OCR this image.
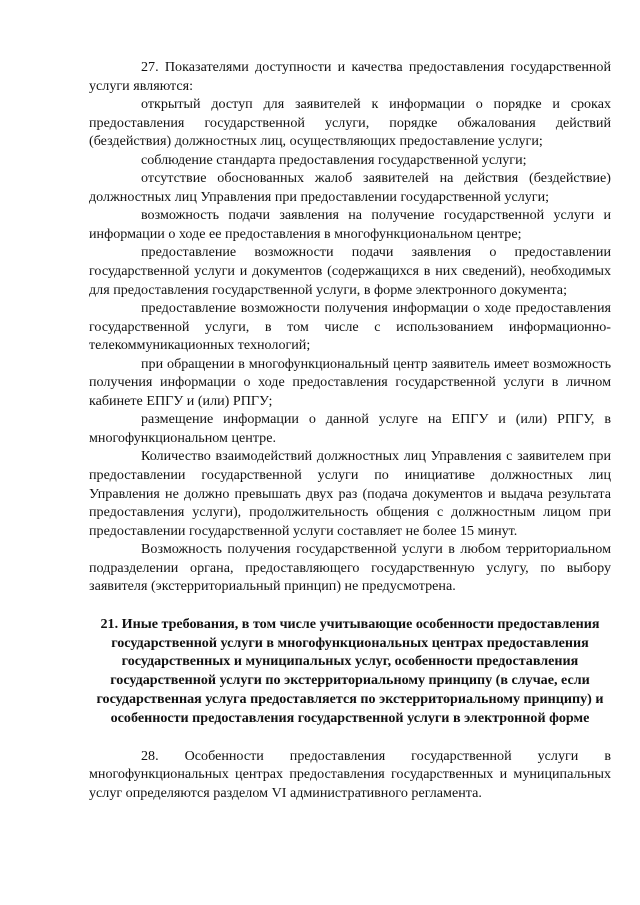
27. Показателями доступности и качества предоставления государственной услуги являются:

открытый доступ для заявителей к информации о порядке и сроках предоставления государственной услуги, порядке обжалования действий (бездействия) должностных лиц, осуществляющих предоставление услуги;

соблюдение стандарта предоставления государственной услуги;

отсутствие обоснованных жалоб заявителей на действия (бездействие) должностных лиц Управления при предоставлении государственной услуги;

возможность подачи заявления на получение государственной услуги и информации о ходе ее предоставления в многофункциональном центре;

предоставление возможности подачи заявления о предоставлении государственной услуги и документов (содержащихся в них сведений), необходимых для предоставления государственной услуги, в форме электронного документа;

предоставление возможности получения информации о ходе предоставления государственной услуги, в том числе с использованием информационно-телекоммуникационных технологий;

при обращении в многофункциональный центр заявитель имеет возможность получения информации о ходе предоставления государственной услуги в личном кабинете ЕПГУ и (или) РПГУ;

размещение информации о данной услуге на ЕПГУ и (или) РПГУ, в многофункциональном центре.

Количество взаимодействий должностных лиц Управления с заявителем при предоставлении государственной услуги по инициативе должностных лиц Управления не должно превышать двух раз (подача документов и выдача результата предоставления услуги), продолжительность общения с должностным лицом при предоставлении государственной услуги составляет не более 15 минут.

Возможность получения государственной услуги в любом территориальном подразделении органа, предоставляющего государственную услугу, по выбору заявителя (экстерриториальный принцип) не предусмотрена.

21. Иные требования, в том числе учитывающие особенности предоставления государственной услуги в многофункциональных центрах предоставления государственных и муниципальных услуг, особенности предоставления государственной услуги по экстерриториальному принципу (в случае, если государственная услуга предоставляется по экстерриториальному принципу) и особенности предоставления государственной услуги в электронной форме

28. Особенности предоставления государственной услуги в многофункциональных центрах предоставления государственных и муниципальных услуг определяются разделом VI административного регламента.
